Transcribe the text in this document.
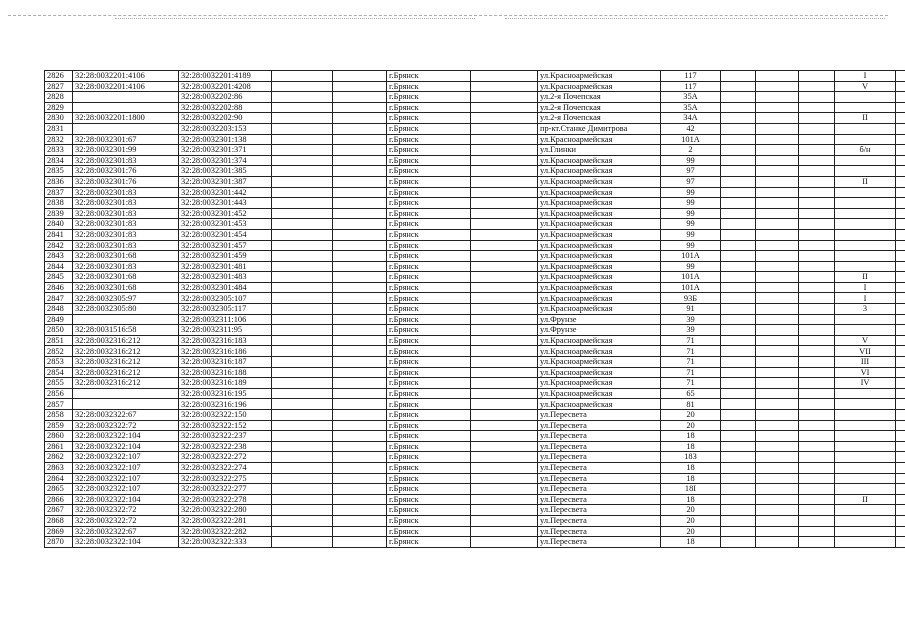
2826	32:28:0032201:4106	32:28:0032201:4189			г.Брянск		ул.Красноармейская	117				I	
2827	32:28:0032201:4106	32:28:0032201:4208			г.Брянск		ул.Красноармейская	117				V	
2828		32:28:0032202:86			г.Брянск		ул.2-я Почепская	35А					
2829		32:28:0032202:88			г.Брянск		ул.2-я Почепская	35А					
2830	32:28:0032201:1800	32:28:0032202:90			г.Брянск		ул.2-я Почепская	34А				II	
2831		32:28:0032203:153			г.Брянск		пр-кт.Станке Димитрова	42					
2832	32:28:0032301:67	32:28:0032301:138			г.Брянск		ул.Красноармейская	101А					
2833	32:28:0032301:99	32:28:0032301:371			г.Брянск		ул.Глинки	2				б/н	
2834	32:28:0032301:83	32:28:0032301:374			г.Брянск		ул.Красноармейская	99					
2835	32:28:0032301:76	32:28:0032301:385			г.Брянск		ул.Красноармейская	97					
2836	32:28:0032301:76	32:28:0032301:387			г.Брянск		ул.Красноармейская	97				II	
2837	32:28:0032301:83	32:28:0032301:442			г.Брянск		ул.Красноармейская	99					
2838	32:28:0032301:83	32:28:0032301:443			г.Брянск		ул.Красноармейская	99					
2839	32:28:0032301:83	32:28:0032301:452			г.Брянск		ул.Красноармейская	99					
2840	32:28:0032301:83	32:28:0032301:453			г.Брянск		ул.Красноармейская	99					
2841	32:28:0032301:83	32:28:0032301:454			г.Брянск		ул.Красноармейская	99					
2842	32:28:0032301:83	32:28:0032301:457			г.Брянск		ул.Красноармейская	99					
2843	32:28:0032301:68	32:28:0032301:459			г.Брянск		ул.Красноармейская	101А					
2844	32:28:0032301:83	32:28:0032301:481			г.Брянск		ул.Красноармейская	99					
2845	32:28:0032301:68	32:28:0032301:483			г.Брянск		ул.Красноармейская	101А				II	
2846	32:28:0032301:68	32:28:0032301:484			г.Брянск		ул.Красноармейская	101А				I	
2847	32:28:0032305:97	32:28:0032305:107			г.Брянск		ул.Красноармейская	93Б				I	
2848	32:28:0032305:80	32:28:0032305:117			г.Брянск		ул.Красноармейская	91				3	
2849		32:28:0032311:106			г.Брянск		ул.Фрунзе	39					
2850	32:28:0031516:58	32:28:0032311:95			г.Брянск		ул.Фрунзе	39					
2851	32:28:0032316:212	32:28:0032316:183			г.Брянск		ул.Красноармейская	71				V	
2852	32:28:0032316:212	32:28:0032316:186			г.Брянск		ул.Красноармейская	71				VII	
2853	32:28:0032316:212	32:28:0032316:187			г.Брянск		ул.Красноармейская	71				III	
2854	32:28:0032316:212	32:28:0032316:188			г.Брянск		ул.Красноармейская	71				VI	
2855	32:28:0032316:212	32:28:0032316:189			г.Брянск		ул.Красноармейская	71				IV	
2856		32:28:0032316:195			г.Брянск		ул.Красноармейская	65					
2857		32:28:0032316:196			г.Брянск		ул.Красноармейская	81					
2858	32:28:0032322:67	32:28:0032322:150			г.Брянск		ул.Пересвета	20					
2859	32:28:0032322:72	32:28:0032322:152			г.Брянск		ул.Пересвета	20					
2860	32:28:0032322:104	32:28:0032322:237			г.Брянск		ул.Пересвета	18					
2861	32:28:0032322:104	32:28:0032322:238			г.Брянск		ул.Пересвета	18					
2862	32:28:0032322:107	32:28:0032322:272			г.Брянск		ул.Пересвета	18З					
2863	32:28:0032322:107	32:28:0032322:274			г.Брянск		ул.Пересвета	18					
2864	32:28:0032322:107	32:28:0032322:275			г.Брянск		ул.Пересвета	18					
2865	32:28:0032322:107	32:28:0032322:277			г.Брянск		ул.Пересвета	18І					
2866	32:28:0032322:104	32:28:0032322:278			г.Брянск		ул.Пересвета	18				II	
2867	32:28:0032322:72	32:28:0032322:280			г.Брянск		ул.Пересвета	20					
2868	32:28:0032322:72	32:28:0032322:281			г.Брянск		ул.Пересвета	20					
2869	32:28:0032322:67	32:28:0032322:282			г.Брянск		ул.Пересвета	20					
2870	32:28:0032322:104	32:28:0032322:333			г.Брянск		ул.Пересвета	18					
